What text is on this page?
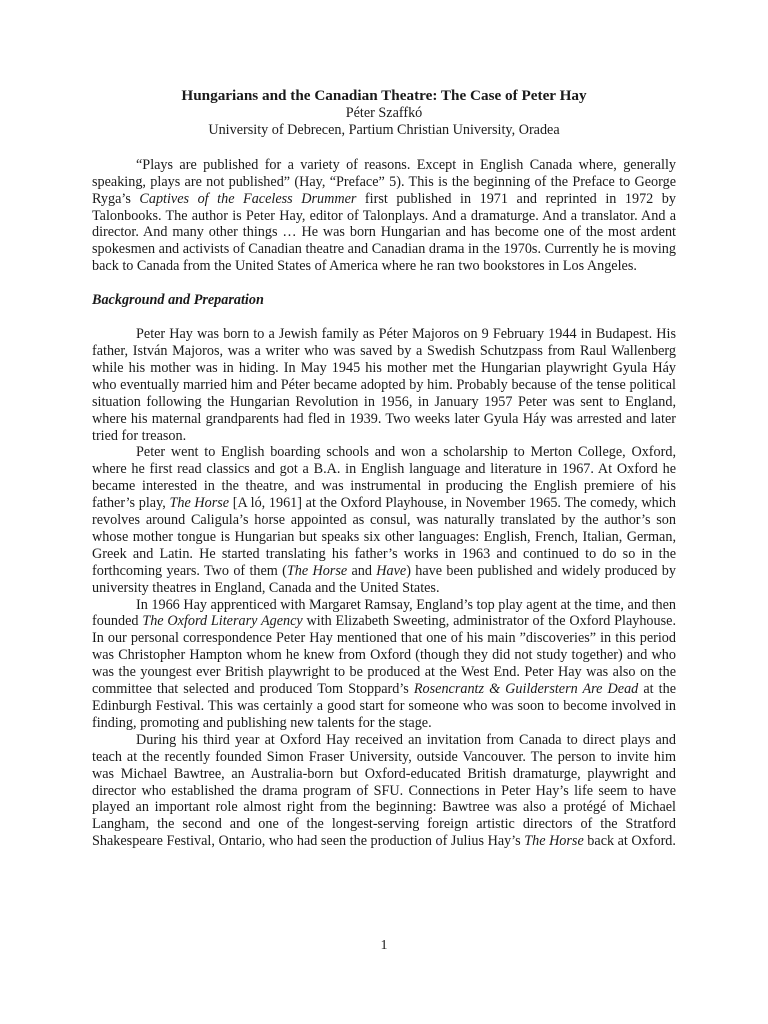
Hungarians and the Canadian Theatre: The Case of Peter Hay

Péter Szaffkó

University of Debrecen, Partium Christian University, Oradea

“Plays are published for a variety of reasons. Except in English Canada where, generally speaking, plays are not published” (Hay, “Preface” 5). This is the beginning of the Preface to George Ryga’s Captives of the Faceless Drummer first published in 1971 and reprinted in 1972 by Talonbooks. The author is Peter Hay, editor of Talonplays. And a dramaturge. And a translator. And a director. And many other things … He was born Hungarian and has become one of the most ardent spokesmen and activists of Canadian theatre and Canadian drama in the 1970s. Currently he is moving back to Canada from the United States of America where he ran two bookstores in Los Angeles.

Background and Preparation

Peter Hay was born to a Jewish family as Péter Majoros on 9 February 1944 in Budapest. His father, István Majoros, was a writer who was saved by a Swedish Schutzpass from Raul Wallenberg while his mother was in hiding. In May 1945 his mother met the Hungarian playwright Gyula Háy who eventually married him and Péter became adopted by him. Probably because of the tense political situation following the Hungarian Revolution in 1956, in January 1957 Peter was sent to England, where his maternal grandparents had fled in 1939. Two weeks later Gyula Háy was arrested and later tried for treason.

Peter went to English boarding schools and won a scholarship to Merton College, Oxford, where he first read classics and got a B.A. in English language and literature in 1967. At Oxford he became interested in the theatre, and was instrumental in producing the English premiere of his father’s play, The Horse [A ló, 1961] at the Oxford Playhouse, in November 1965. The comedy, which revolves around Caligula’s horse appointed as consul, was naturally translated by the author’s son whose mother tongue is Hungarian but speaks six other languages: English, French, Italian, German, Greek and Latin. He started translating his father’s works in 1963 and continued to do so in the forthcoming years. Two of them (The Horse and Have) have been published and widely produced by university theatres in England, Canada and the United States.

In 1966 Hay apprenticed with Margaret Ramsay, England’s top play agent at the time, and then founded The Oxford Literary Agency with Elizabeth Sweeting, administrator of the Oxford Playhouse. In our personal correspondence Peter Hay mentioned that one of his main ”discoveries” in this period was Christopher Hampton whom he knew from Oxford (though they did not study together) and who was the youngest ever British playwright to be produced at the West End. Peter Hay was also on the committee that selected and produced Tom Stoppard’s Rosencrantz & Guilderstern Are Dead at the Edinburgh Festival. This was certainly a good start for someone who was soon to become involved in finding, promoting and publishing new talents for the stage.

During his third year at Oxford Hay received an invitation from Canada to direct plays and teach at the recently founded Simon Fraser University, outside Vancouver. The person to invite him was Michael Bawtree, an Australia-born but Oxford-educated British dramaturge, playwright and director who established the drama program of SFU. Connections in Peter Hay’s life seem to have played an important role almost right from the beginning: Bawtree was also a protégé of Michael Langham, the second and one of the longest-serving foreign artistic directors of the Stratford Shakespeare Festival, Ontario, who had seen the production of Julius Hay’s The Horse back at Oxford.

1
